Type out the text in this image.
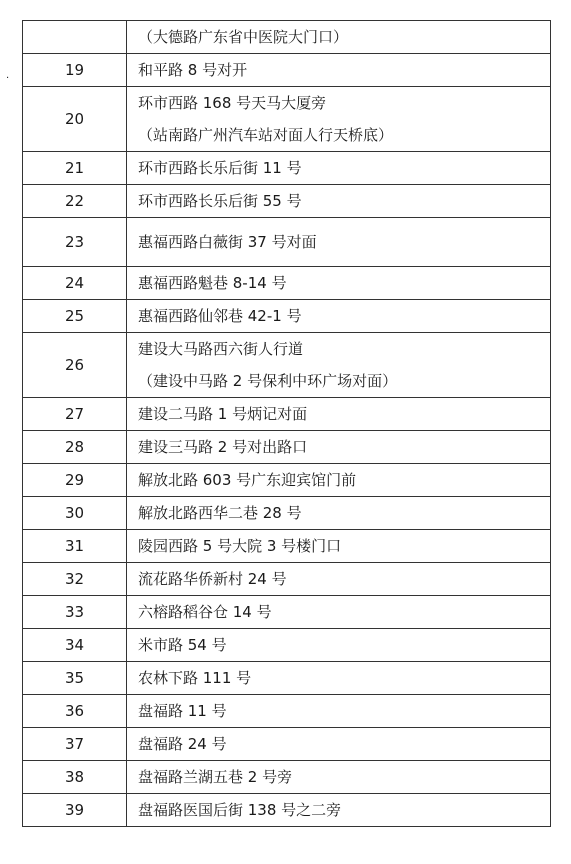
·

	（大德路广东省中医院大门口）

19	和平路 8 号对开

20	环市西路 168 号天马大厦旁
（站南路广州汽车站对面人行天桥底）

21	环市西路长乐后街 11 号

22	环市西路长乐后街 55 号

23	惠福西路白薇街 37 号对面

24	惠福西路魁巷 8-14 号

25	惠福西路仙邻巷 42-1 号

26	建设大马路西六街人行道
（建设中马路 2 号保利中环广场对面）

27	建设二马路 1 号炳记对面

28	建设三马路 2 号对出路口

29	解放北路 603 号广东迎宾馆门前

30	解放北路西华二巷 28 号

31	陵园西路 5 号大院 3 号楼门口

32	流花路华侨新村 24 号

33	六榕路稻谷仓 14 号

34	米市路 54 号

35	农林下路 111 号

36	盘福路 11 号

37	盘福路 24 号

38	盘福路兰湖五巷 2 号旁

39	盘福路医国后街 138 号之二旁
